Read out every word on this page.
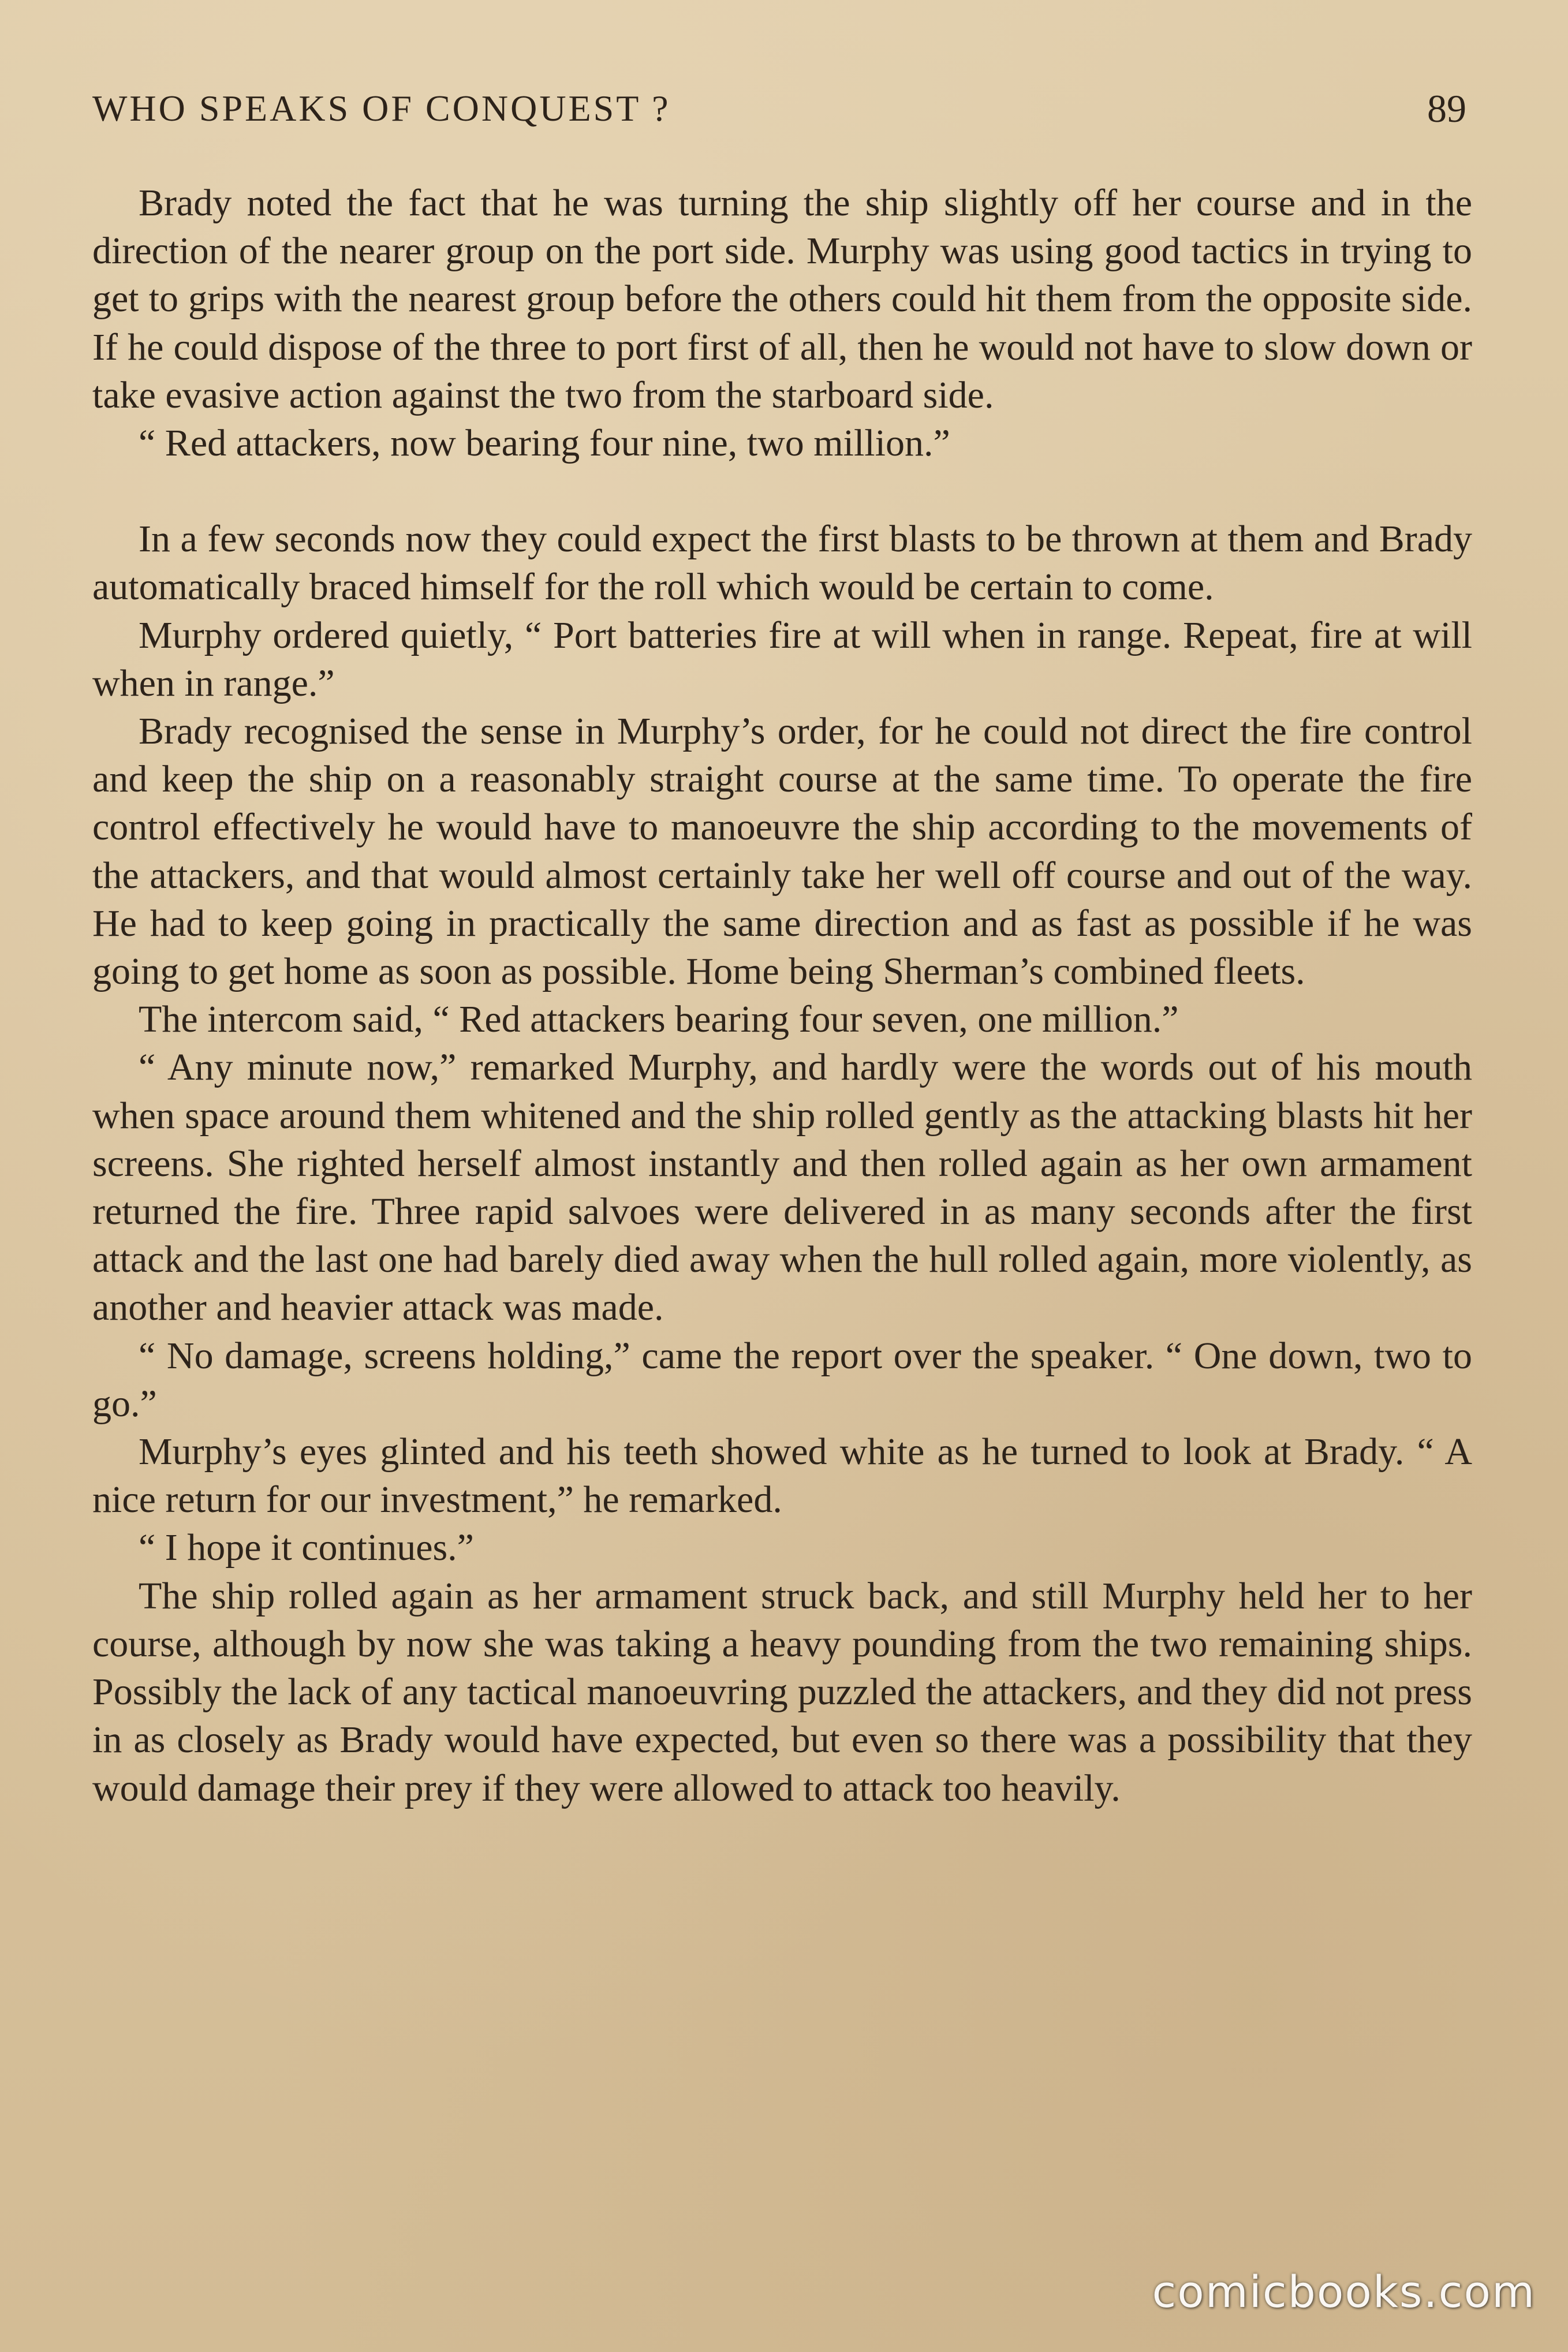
WHO SPEAKS OF CONQUEST ?	89

Brady noted the fact that he was turning the ship slightly off her course and in the direction of the nearer group on the port side. Murphy was using good tactics in trying to get to grips with the nearest group before the others could hit them from the opposite side. If he could dispose of the three to port first of all, then he would not have to slow down or take evasive action against the two from the starboard side.

“ Red attackers, now bearing four nine, two million.”

In a few seconds now they could expect the first blasts to be thrown at them and Brady automatically braced himself for the roll which would be certain to come.

Murphy ordered quietly, “ Port batteries fire at will when in range. Repeat, fire at will when in range.”

Brady recognised the sense in Murphy’s order, for he could not direct the fire control and keep the ship on a reasonably straight course at the same time. To operate the fire control effectively he would have to manoeuvre the ship according to the movements of the attackers, and that would almost certainly take her well off course and out of the way. He had to keep going in practically the same direction and as fast as possible if he was going to get home as soon as possible. Home being Sherman’s combined fleets.

The intercom said, “ Red attackers bearing four seven, one million.”

“ Any minute now,” remarked Murphy, and hardly were the words out of his mouth when space around them whitened and the ship rolled gently as the attacking blasts hit her screens. She righted herself almost instantly and then rolled again as her own armament returned the fire. Three rapid salvoes were delivered in as many seconds after the first attack and the last one had barely died away when the hull rolled again, more violently, as another and heavier attack was made.

“ No damage, screens holding,” came the report over the speaker. “ One down, two to go.”

Murphy’s eyes glinted and his teeth showed white as he turned to look at Brady. “ A nice return for our investment,” he remarked.

“ I hope it continues.”

The ship rolled again as her armament struck back, and still Murphy held her to her course, although by now she was taking a heavy pounding from the two remaining ships. Possibly the lack of any tactical manoeuvring puzzled the attackers, and they did not press in as closely as Brady would have expected, but even so there was a possibility that they would damage their prey if they were allowed to attack too heavily.

comicbooks.com
